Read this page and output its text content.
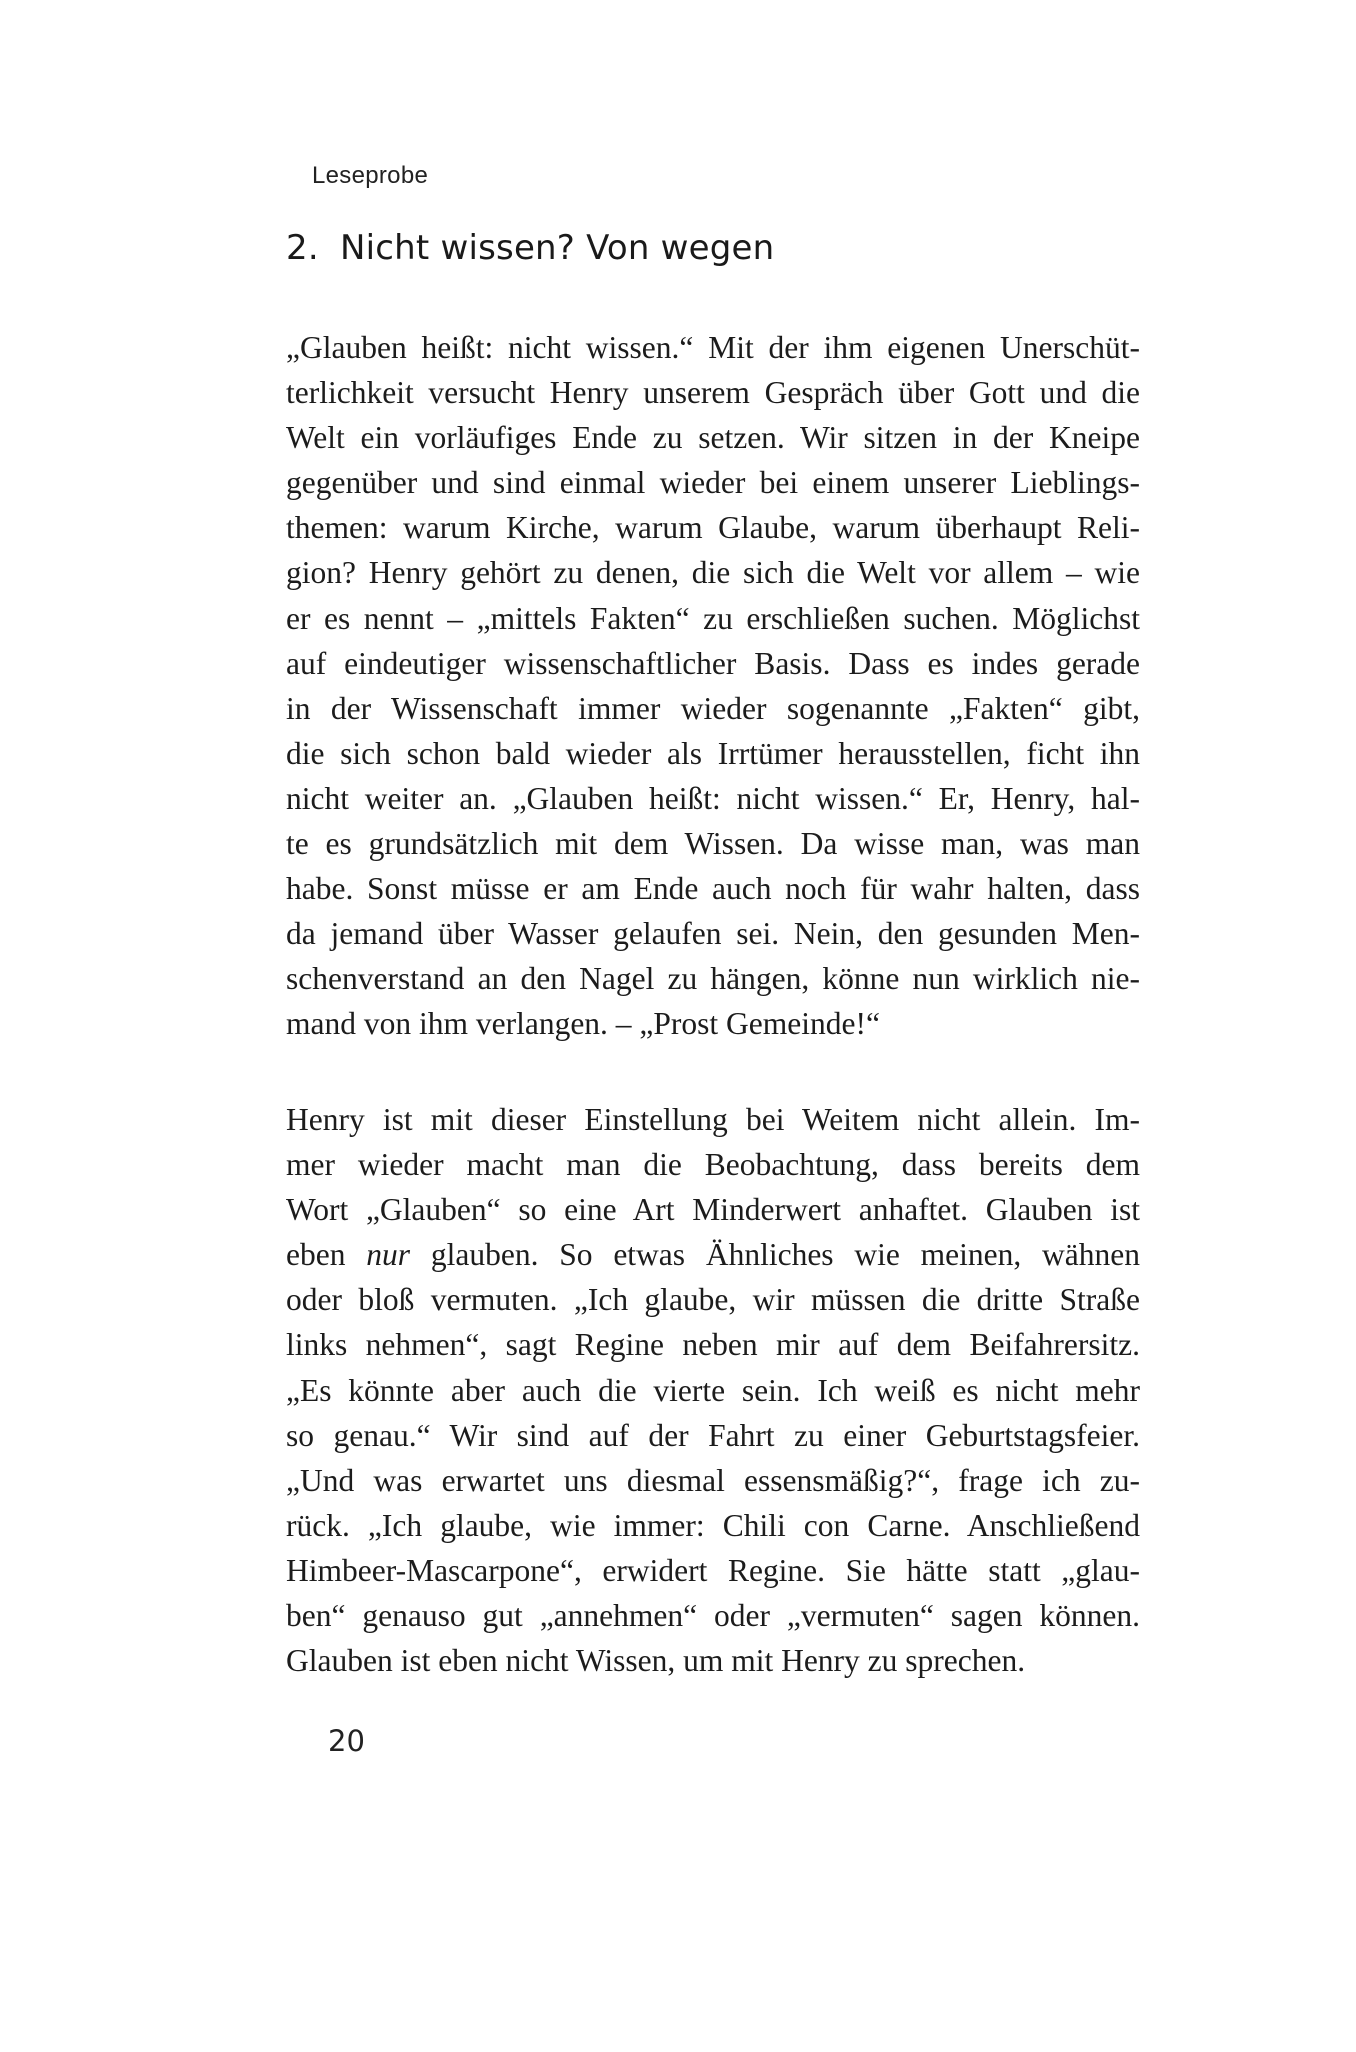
Leseprobe
2. Nicht wissen? Von wegen
„Glauben heißt: nicht wissen.“ Mit der ihm eigenen Unerschüt-
terlichkeit versucht Henry unserem Gespräch über Gott und die
Welt ein vorläufiges Ende zu setzen. Wir sitzen in der Kneipe
gegenüber und sind einmal wieder bei einem unserer Lieblings-
themen: warum Kirche, warum Glaube, warum überhaupt Reli-
gion? Henry gehört zu denen, die sich die Welt vor allem – wie
er es nennt – „mittels Fakten“ zu erschließen suchen. Möglichst
auf eindeutiger wissenschaftlicher Basis. Dass es indes gerade
in der Wissenschaft immer wieder sogenannte „Fakten“ gibt,
die sich schon bald wieder als Irrtümer herausstellen, ficht ihn
nicht weiter an. „Glauben heißt: nicht wissen.“ Er, Henry, hal-
te es grundsätzlich mit dem Wissen. Da wisse man, was man
habe. Sonst müsse er am Ende auch noch für wahr halten, dass
da jemand über Wasser gelaufen sei. Nein, den gesunden Men-
schenverstand an den Nagel zu hängen, könne nun wirklich nie-
mand von ihm verlangen. – „Prost Gemeinde!“
Henry ist mit dieser Einstellung bei Weitem nicht allein. Im-
mer wieder macht man die Beobachtung, dass bereits dem
Wort „Glauben“ so eine Art Minderwert anhaftet. Glauben ist
eben nur glauben. So etwas Ähnliches wie meinen, wähnen
oder bloß vermuten. „Ich glaube, wir müssen die dritte Straße
links nehmen“, sagt Regine neben mir auf dem Beifahrersitz.
„Es könnte aber auch die vierte sein. Ich weiß es nicht mehr
so genau.“ Wir sind auf der Fahrt zu einer Geburtstagsfeier.
„Und was erwartet uns diesmal essensmäßig?“, frage ich zu-
rück. „Ich glaube, wie immer: Chili con Carne. Anschließend
Himbeer-Mascarpone“, erwidert Regine. Sie hätte statt „glau-
ben“ genauso gut „annehmen“ oder „vermuten“ sagen können.
Glauben ist eben nicht Wissen, um mit Henry zu sprechen.
20
